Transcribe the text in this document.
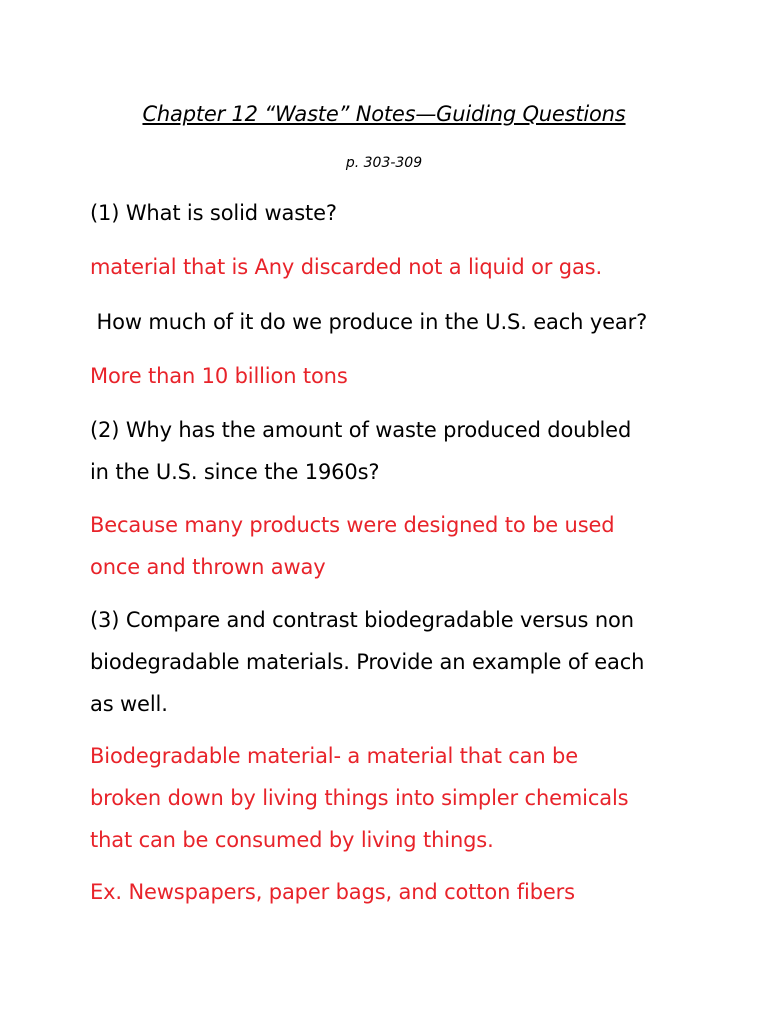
Chapter 12 “Waste” Notes—Guiding Questions
p. 303-309
(1) What is solid waste?
material that is Any discarded not a liquid or gas.
How much of it do we produce in the U.S. each year?
More than 10 billion tons
(2) Why has the amount of waste produced doubled
in the U.S. since the 1960s?
Because many products were designed to be used
once and thrown away
(3) Compare and contrast biodegradable versus non
biodegradable materials. Provide an example of each
as well.
Biodegradable material- a material that can be
broken down by living things into simpler chemicals
that can be consumed by living things.
Ex. Newspapers, paper bags, and cotton fibers
